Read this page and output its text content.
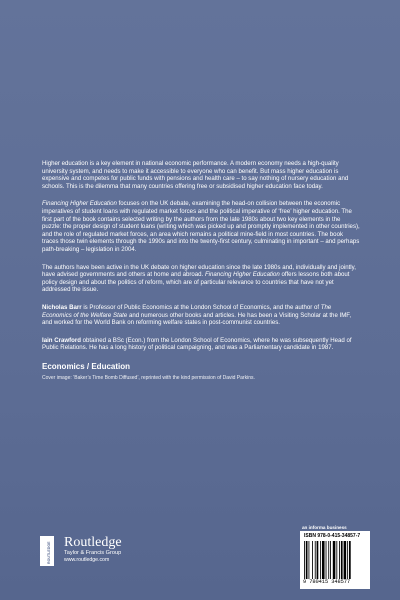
Higher education is a key element in national economic performance. A modern economy needs a high-quality university system, and needs to make it accessible to everyone who can benefit. But mass higher education is expensive and competes for public funds with pensions and health care – to say nothing of nursery education and schools. This is the dilemma that many countries offering free or subsidised higher education face today.

Financing Higher Education focuses on the UK debate, examining the head-on collision between the economic imperatives of student loans with regulated market forces and the political imperative of ‘free’ higher education. The first part of the book contains selected writing by the authors from the late 1980s about two key elements in the puzzle: the proper design of student loans (writing which was picked up and promptly implemented in other countries), and the role of regulated market forces, an area which remains a political mine-field in most countries. The book traces those twin elements through the 1990s and into the twenty-first century, culminating in important – and perhaps path-breaking – legislation in 2004.

The authors have been active in the UK debate on higher education since the late 1980s and, individually and jointly, have advised governments and others at home and abroad. Financing Higher Education offers lessons both about policy design and about the politics of reform, which are of particular relevance to countries that have not yet addressed the issue.

Nicholas Barr is Professor of Public Economics at the London School of Economics, and the author of The Economics of the Welfare State and numerous other books and articles. He has been a Visiting Scholar at the IMF, and worked for the World Bank on reforming welfare states in post-communist countries.

Iain Crawford obtained a BSc (Econ.) from the London School of Economics, where he was subsequently Head of Public Relations. He has a long history of political campaigning, and was a Parliamentary candidate in 1987.

Economics / Education
Cover image: ‘Baker’s Time Bomb Diffused’, reprinted with the kind permission of David Parkins.
ROUTLEDGE Routledge
Taylor & Francis Group
www.routledge.com
an informa business
ISBN 978-0-415-34857-7
9 780415 348577
